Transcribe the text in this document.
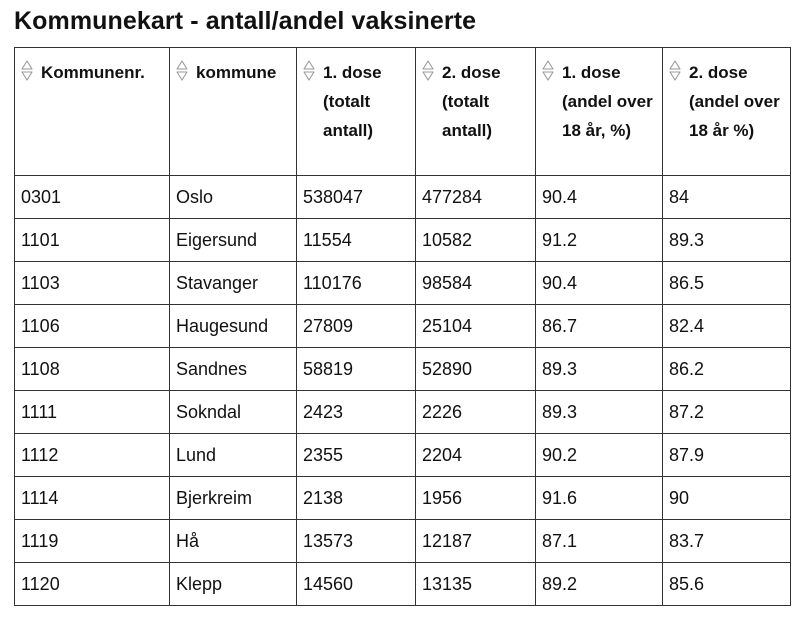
Kommunekart - antall/andel vaksinerte
Kommunenr.	kommune	1. dose (totalt antall)	2. dose (totalt antall)	1. dose (andel over 18 år, %)	2. dose (andel over 18 år %)

0301	Oslo	538047	477284	90.4	84
1101	Eigersund	11554	10582	91.2	89.3
1103	Stavanger	110176	98584	90.4	86.5
1106	Haugesund	27809	25104	86.7	82.4
1108	Sandnes	58819	52890	89.3	86.2
1111	Sokndal	2423	2226	89.3	87.2
1112	Lund	2355	2204	90.2	87.9
1114	Bjerkreim	2138	1956	91.6	90
1119	Hå	13573	12187	87.1	83.7
1120	Klepp	14560	13135	89.2	85.6
